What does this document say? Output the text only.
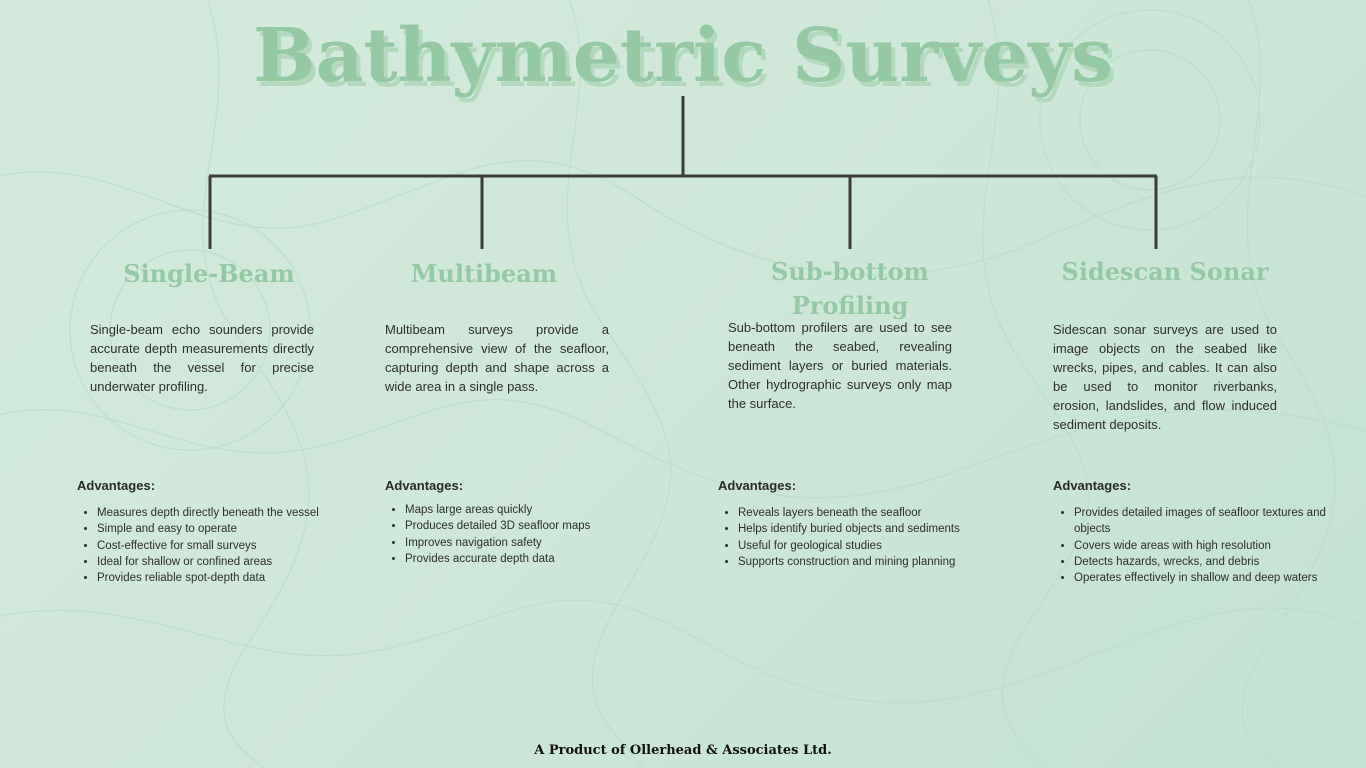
Bathymetric Surveys
Single-Beam

Single-beam echo sounders provide accurate depth measurements directly beneath the vessel for precise underwater profiling.

Advantages:

• Measures depth directly beneath the vessel
• Simple and easy to operate
• Cost-effective for small surveys
• Ideal for shallow or confined areas
• Provides reliable spot-depth data
Multibeam

Multibeam surveys provide a comprehensive view of the seafloor, capturing depth and shape across a wide area in a single pass.

Advantages:

• Maps large areas quickly
• Produces detailed 3D seafloor maps
• Improves navigation safety
• Provides accurate depth data
Sub-bottom Profiling

Sub-bottom profilers are used to see beneath the seabed, revealing sediment layers or buried materials. Other hydrographic surveys only map the surface.

Advantages:

• Reveals layers beneath the seafloor
• Helps identify buried objects and sediments
• Useful for geological studies
• Supports construction and mining planning
Sidescan Sonar

Sidescan sonar surveys are used to image objects on the seabed like wrecks, pipes, and cables. It can also be used to monitor riverbanks, erosion, landslides, and flow induced sediment deposits.

Advantages:

• Provides detailed images of seafloor textures and objects
• Covers wide areas with high resolution
• Detects hazards, wrecks, and debris
• Operates effectively in shallow and deep waters

A Product of Ollerhead & Associates Ltd.
